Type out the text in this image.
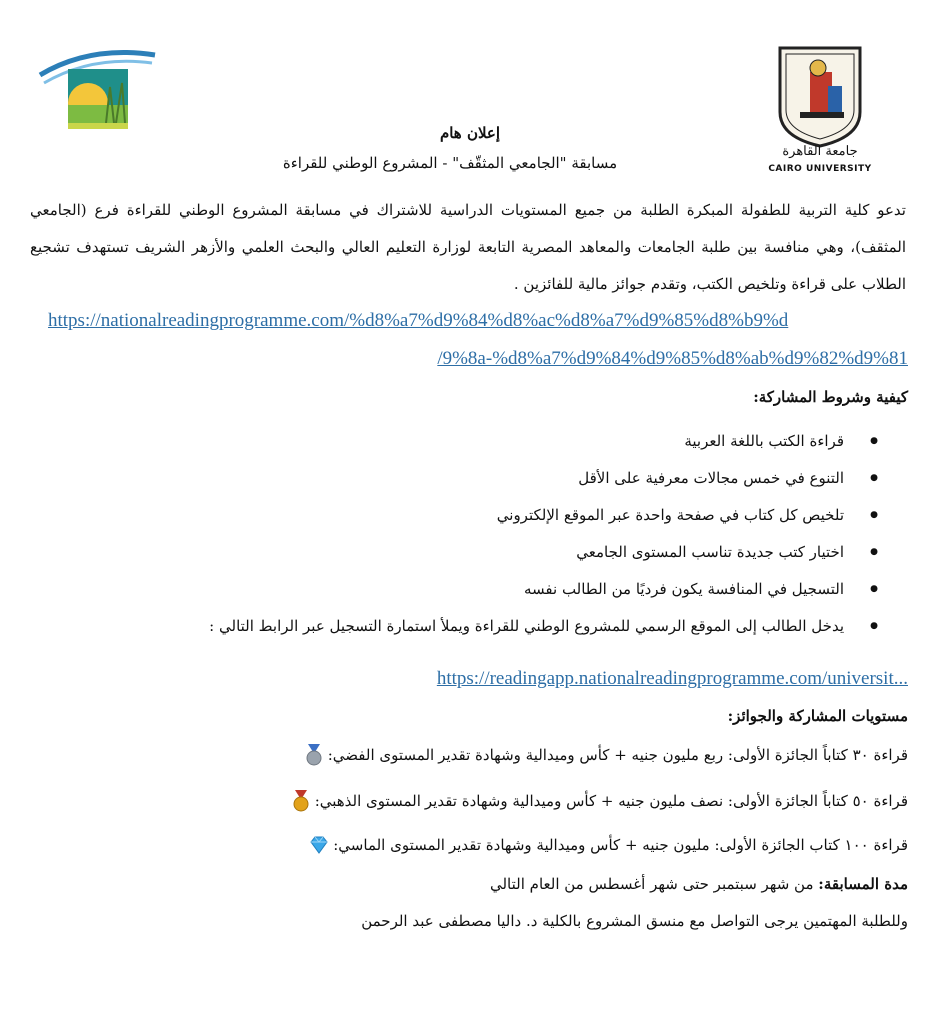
جامعة القاهرة
CAIRO UNIVERSITY
إعلان هام
مسابقة "الجامعي المثقّف" - المشروع الوطني للقراءة
تدعو كلية التربية للطفولة المبكرة الطلبة من جميع المستويات الدراسية للاشتراك في مسابقة المشروع الوطني للقراءة فرع (الجامعي المثقف)، وهي منافسة بين طلبة الجامعات والمعاهد المصرية التابعة لوزارة التعليم العالي والبحث العلمي والأزهر الشريف تستهدف تشجيع الطلاب على قراءة وتلخيص الكتب، وتقدم جوائز مالية للفائزين .
https://nationalreadingprogramme.com/%d8%a7%d9%84%d8%ac%d8%a7%d9%85%d8%b9%d
/9%8a-%d8%a7%d9%84%d9%85%d8%ab%d9%82%d9%81
كيفية وشروط المشاركة:
● قراءة الكتب باللغة العربية
● التنوع في خمس مجالات معرفية على الأقل
● تلخيص كل كتاب في صفحة واحدة عبر الموقع الإلكتروني
● اختيار كتب جديدة تناسب المستوى الجامعي
● التسجيل في المنافسة يكون فرديًا من الطالب نفسه
● يدخل الطالب إلى الموقع الرسمي للمشروع الوطني للقراءة ويملأ استمارة التسجيل عبر الرابط التالي :
https://readingapp.nationalreadingprogramme.com/universit...
مستويات المشاركة والجوائز:
المستوى الفضي: قراءة ٣٠ كتاباً الجائزة الأولى: ربع مليون جنيه + كأس وميدالية وشهادة تقدير
المستوى الذهبي: قراءة ٥٠ كتاباً الجائزة الأولى: نصف مليون جنيه + كأس وميدالية وشهادة تقدير
المستوى الماسي: قراءة ١٠٠ كتاب الجائزة الأولى: مليون جنيه + كأس وميدالية وشهادة تقدير
مدة المسابقة: من شهر سبتمبر حتى شهر أغسطس من العام التالي
وللطلبة المهتمين يرجى التواصل مع منسق المشروع بالكلية د. داليا مصطفى عبد الرحمن
